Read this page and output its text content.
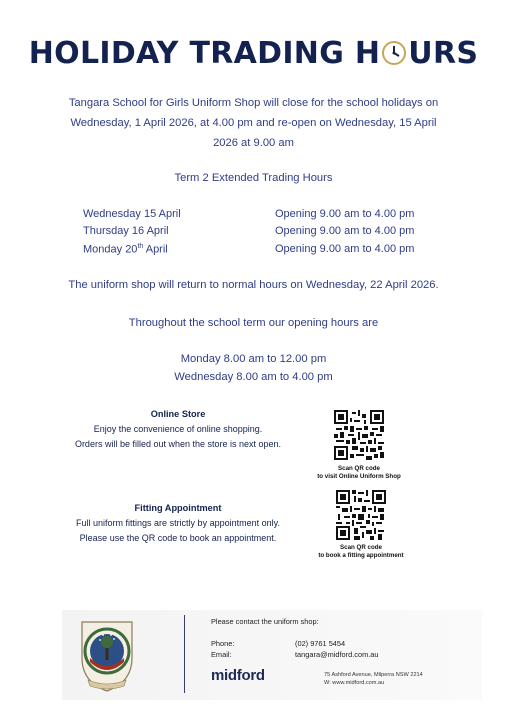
HOLIDAY TRADING H URS
Tangara School for Girls Uniform Shop will close for the school holidays on Wednesday, 1 April 2026, at 4.00 pm and re-open on Wednesday, 15 April 2026 at 9.00 am
Term 2 Extended Trading Hours
Wednesday 15 April	Opening 9.00 am to 4.00 pm
Thursday 16 April	Opening 9.00 am to 4.00 pm
Monday 20th April	Opening 9.00 am to 4.00 pm
The uniform shop will return to normal hours on Wednesday, 22 April 2026.
Throughout the school term our opening hours are
Monday 8.00 am to 12.00 pm
Wednesday 8.00 am to 4.00 pm
Online Store
Enjoy the convenience of online shopping.
Orders will be filled out when the store is next open.
Scan QR code
to visit Online Uniform Shop
Fitting Appointment
Full uniform fittings are strictly by appointment only.
Please use the QR code to book an appointment.
Scan QR code
to book a fitting appointment
Please contact the uniform shop:
Phone:	(02) 9761 5454
Email:	tangara@midford.com.au
midford	75 Ashford Avenue, Milperra NSW 2214
W: www.midford.com.au
